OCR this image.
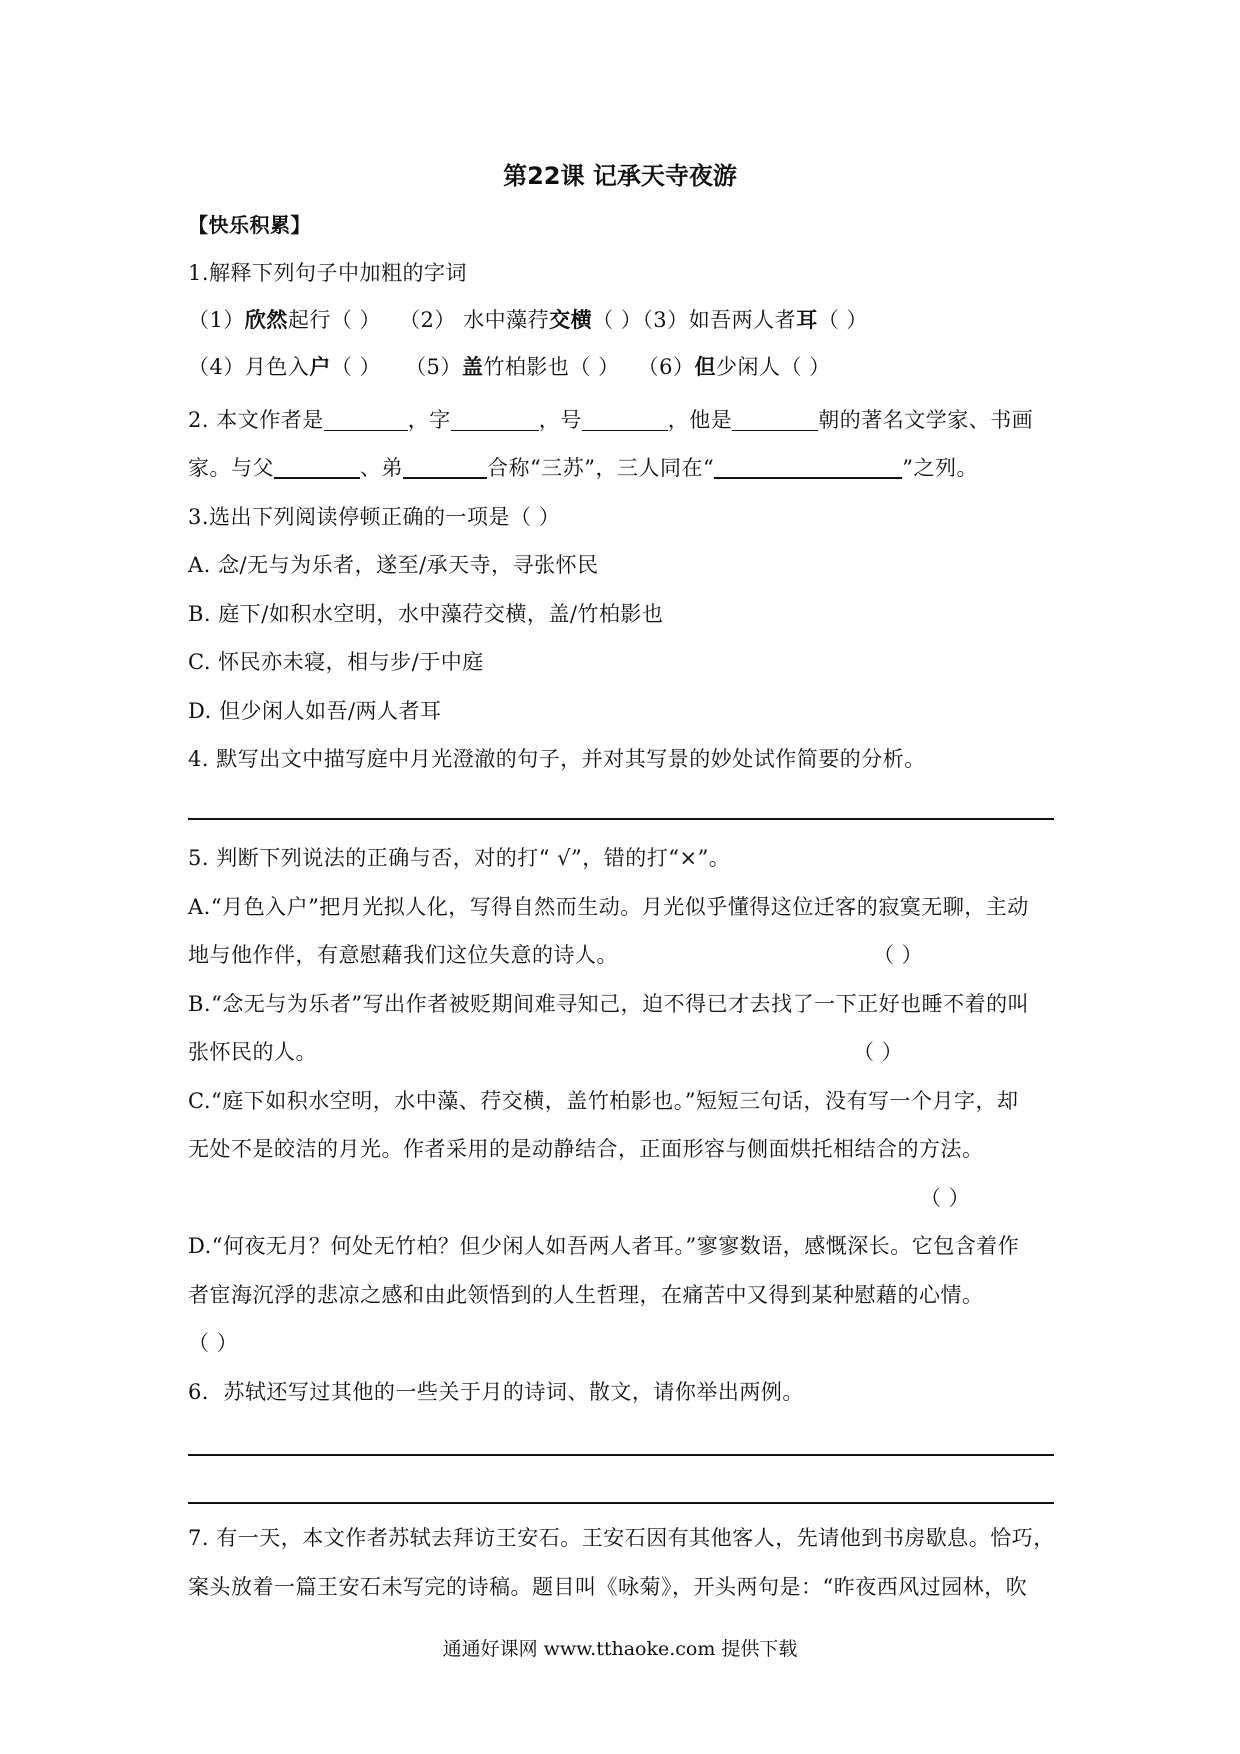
第22课 记承天寺夜游
【快乐积累】
1.解释下列句子中加粗的字词
（1）欣然起行（ ） （2） 水中藻荇交横（ ）（3）如吾两人者耳（ ）
（4）月色入户（ ） （5）盖竹柏影也（ ） （6）但少闲人（ ）
2. 本文作者是	，字	，号	，他是	朝的著名文学家、书画
家。与父	、弟	合称“三苏”，三人同在“	”之列。
3.选出下列阅读停顿正确的一项是（ ）
A. 念/无与为乐者，遂至/承天寺，寻张怀民
B. 庭下/如积水空明，水中藻荇交横，盖/竹柏影也
C. 怀民亦未寝，相与步/于中庭
D. 但少闲人如吾/两人者耳
4. 默写出文中描写庭中月光澄澈的句子，并对其写景的妙处试作简要的分析。
5. 判断下列说法的正确与否，对的打“ √”，错的打“×”。
A.“月色入户”把月光拟人化，写得自然而生动。月光似乎懂得这位迁客的寂寞无聊，主动
地与他作伴，有意慰藉我们这位失意的诗人。	（ ）
B.“念无与为乐者”写出作者被贬期间难寻知己，迫不得已才去找了一下正好也睡不着的叫
张怀民的人。	（ ）
C.“庭下如积水空明，水中藻、荇交横，盖竹柏影也。”短短三句话，没有写一个月字，却
无处不是皎洁的月光。作者采用的是动静结合，正面形容与侧面烘托相结合的方法。
（ ）
D.“何夜无月？何处无竹柏？但少闲人如吾两人者耳。”寥寥数语，感慨深长。它包含着作
者宦海沉浮的悲凉之感和由此领悟到的人生哲理，在痛苦中又得到某种慰藉的心情。
（ ）
6．苏轼还写过其他的一些关于月的诗词、散文，请你举出两例。
7. 有一天，本文作者苏轼去拜访王安石。王安石因有其他客人，先请他到书房歇息。恰巧，
案头放着一篇王安石未写完的诗稿。题目叫《咏菊》，开头两句是：“昨夜西风过园林，吹
通通好课网 www.tthaoke.com 提供下载
